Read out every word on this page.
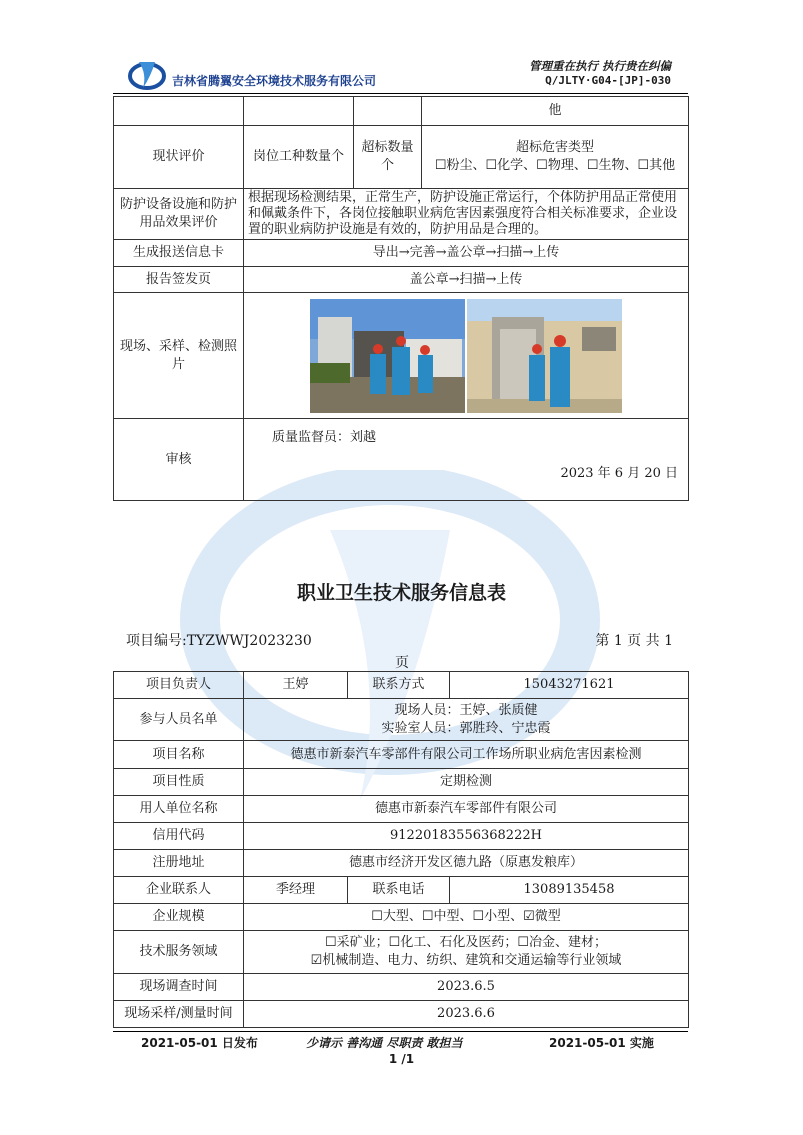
吉林省腾翼安全环境技术服务有限公司
管理重在执行 执行贵在纠偏
Q/JLTY·G04-[JP]-030
			他
现状评价	岗位工种数量个	超标数量个	超标危害类型
☐粉尘、☐化学、☐物理、☐生物、☐其他

防护设备设施和防护用品效果评价	根据现场检测结果，正常生产，防护设施正常运行，个体防护用品正常使用和佩戴条件下，各岗位接触职业病危害因素强度符合相关标准要求，企业设置的职业病防护设施是有效的，防护用品是合理的。		
生成报送信息卡	导出→完善→盖公章→扫描→上传		
报告签发页	盖公章→扫描→上传		
现场、采样、检测照片	

审核	质量监督员：刘越
2023 年 6 月 20 日		
职业卫生技术服务信息表
项目编号:TYZWWJ2023230	第 1 页 共 1
页
项目负责人	王婷	联系方式	15043271621
参与人员名单	现场人员：王婷、张质健
实验室人员：郭胜玲、宁忠霞		

项目名称	德惠市新泰汽车零部件有限公司工作场所职业病危害因素检测		
项目性质	定期检测		
用人单位名称	德惠市新泰汽车零部件有限公司		
信用代码	91220183556368222H		
注册地址	德惠市经济开发区德九路（原惠发粮库）		
企业联系人	季经理	联系电话	13089135458
企业规模	☐大型、☐中型、☐小型、☑微型		
技术服务领域	☐采矿业；☐化工、石化及医药；☐冶金、建材；
☑机械制造、电力、纺织、建筑和交通运输等行业领域		

现场调查时间	2023.6.5		
现场采样/测量时间	2023.6.6		
2021-05-01 日发布	少请示 善沟通 尽职责 敢担当	2021-05-01 实施
1 /1
